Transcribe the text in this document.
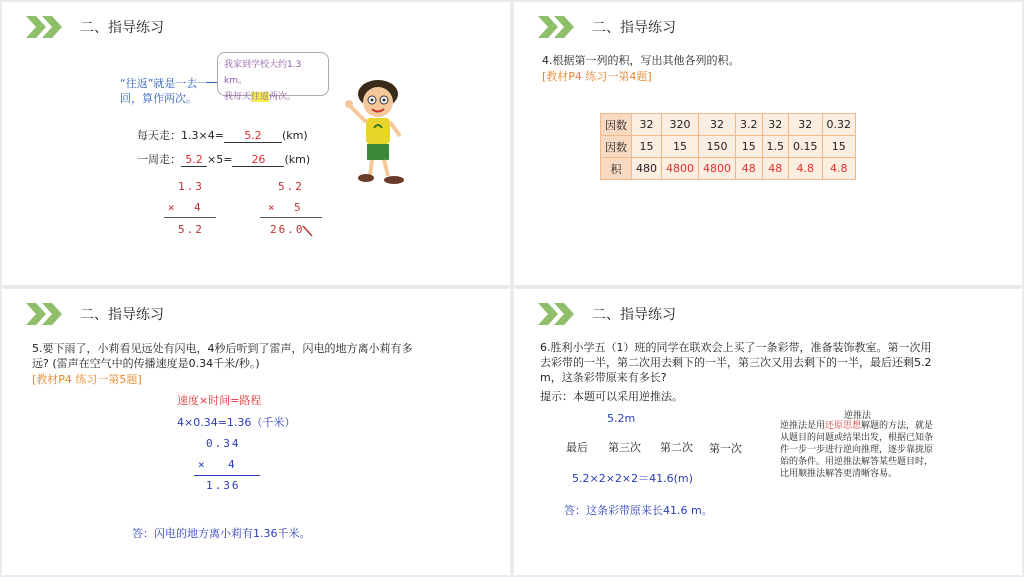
二、指导练习
“往返”就是一去一
回，算作两次。
我家到学校大约1.3 km。
我每天往返两次。
每天走：1.3×4= 5.2 (km)
一周走： 5.2 ×5= 26 (km)
1.3
× 4
5.2
5.2
× 5
26.0
二、指导练习
4.根据第一列的积，写出其他各列的积。
[教材P4 练习一第4题]
因数	32	320	32	3.2	32	32	0.32
因数	15	15	150	15	1.5	0.15	15
积	480	4800	4800	48	48	4.8	4.8
二、指导练习
5.要下雨了，小莉看见远处有闪电，4秒后听到了雷声，闪电的地方离小莉有多
远? (雷声在空气中的传播速度是0.34千米/秒。)
[教材P4 练习一第5题]
速度×时间=路程
4×0.34=1.36（千米）
0.34
× 4
1.36
答：闪电的地方离小莉有1.36千米。
二、指导练习
6.胜利小学五（1）班的同学在联欢会上买了一条彩带，准备装饰教室。第一次用
去彩带的一半，第二次用去剩下的一半，第三次又用去剩下的一半，最后还剩5.2
m，这条彩带原来有多长?
提示：本题可以采用逆推法。
5.2m
最后 第三次 第二次 第一次
5.2×2×2×2＝41.6(m)
答：这条彩带原来长41.6 m。
逆推法
逆推法是用还原思想解题的方法，就是从题目的问题或结果出发，根据已知条件一步一步进行逆向推理，逐步靠拢原始的条件。用逆推法解答某些题目时，比用顺推法解答更清晰容易。
